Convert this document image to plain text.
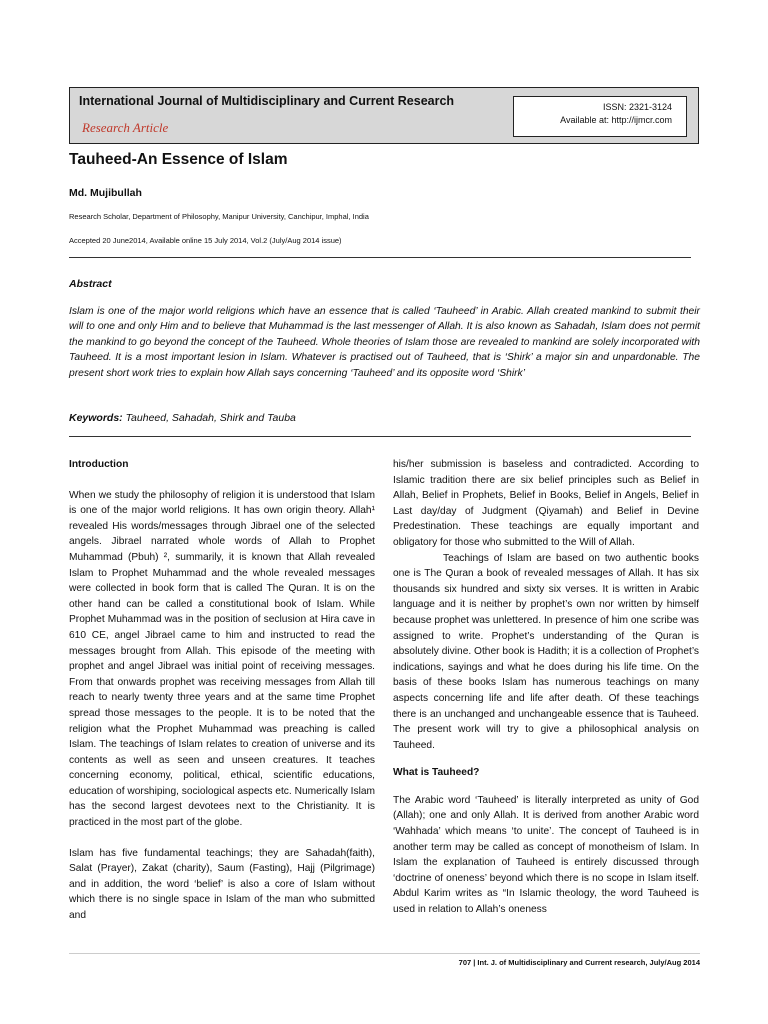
International Journal of Multidisciplinary and Current Research
Research Article
ISSN: 2321-3124
Available at: http://ijmcr.com
Tauheed-An Essence of Islam
Md. Mujibullah
Research Scholar, Department of Philosophy, Manipur University, Canchipur, Imphal, India
Accepted 20 June2014, Available online 15 July 2014, Vol.2 (July/Aug 2014 issue)
Abstract

Islam is one of the major world religions which have an essence that is called ‘Tauheed’ in Arabic. Allah created mankind to submit their will to one and only Him and to believe that Muhammad is the last messenger of Allah. It is also known as Sahadah, Islam does not permit the mankind to go beyond the concept of the Tauheed. Whole theories of Islam those are revealed to mankind are solely incorporated with Tauheed. It is a most important lesion in Islam. Whatever is practised out of Tauheed, that is ‘Shirk’ a major sin and unpardonable. The present short work tries to explain how Allah says concerning ‘Tauheed’ and its opposite word ‘Shirk’

Keywords: Tauheed, Sahadah, Shirk and Tauba
Introduction

When we study the philosophy of religion it is understood that Islam is one of the major world religions. It has own origin theory. Allah¹ revealed His words/messages through Jibrael one of the selected angels. Jibrael narrated whole words of Allah to Prophet Muhammad (Pbuh) ², summarily, it is known that Allah revealed Islam to Prophet Muhammad and the whole revealed messages were collected in book form that is called The Quran. It is on the other hand can be called a constitutional book of Islam. While Prophet Muhammad was in the position of seclusion at Hira cave in 610 CE, angel Jibrael came to him and instructed to read the messages brought from Allah. This episode of the meeting with prophet and angel Jibrael was initial point of receiving messages. From that onwards prophet was receiving messages from Allah till reach to nearly twenty three years and at the same time Prophet spread those messages to the people. It is to be noted that the religion what the Prophet Muhammad was preaching is called Islam. The teachings of Islam relates to creation of universe and its contents as well as seen and unseen creatures. It teaches concerning economy, political, ethical, scientific educations, education of worshiping, sociological aspects etc. Numerically Islam has the second largest devotees next to the Christianity. It is practiced in the most part of the globe.

Islam has five fundamental teachings; they are Sahadah(faith), Salat (Prayer), Zakat (charity), Saum (Fasting), Hajj (Pilgrimage) and in addition, the word ‘belief’ is also a core of Islam without which there is no single space in Islam of the man who submitted and

his/her submission is baseless and contradicted. According to Islamic tradition there are six belief principles such as Belief in Allah, Belief in Prophets, Belief in Books, Belief in Angels, Belief in Last day/day of Judgment (Qiyamah) and Belief in Devine Predestination. These teachings are equally important and obligatory for those who submitted to the Will of Allah.

Teachings of Islam are based on two authentic books one is The Quran a book of revealed messages of Allah. It has six thousands six hundred and sixty six verses. It is written in Arabic language and it is neither by prophet’s own nor written by himself because prophet was unlettered. In presence of him one scribe was assigned to write. Prophet’s understanding of the Quran is absolutely divine. Other book is Hadith; it is a collection of Prophet’s indications, sayings and what he does during his life time. On the basis of these books Islam has numerous teachings on many aspects concerning life and life after death. Of these teachings there is an unchanged and unchangeable essence that is Tauheed. The present work will try to give a philosophical analysis on Tauheed.

What is Tauheed?

The Arabic word ‘Tauheed’ is literally interpreted as unity of God (Allah); one and only Allah. It is derived from another Arabic word ‘Wahhada’ which means ‘to unite’. The concept of Tauheed is in another term may be called as concept of monotheism of Islam. In Islam the explanation of Tauheed is entirely discussed through ‘doctrine of oneness’ beyond which there is no scope in Islam itself. Abdul Karim writes as “In Islamic theology, the word Tauheed is used in relation to Allah’s oneness

707 | Int. J. of Multidisciplinary and Current research, July/Aug 2014
